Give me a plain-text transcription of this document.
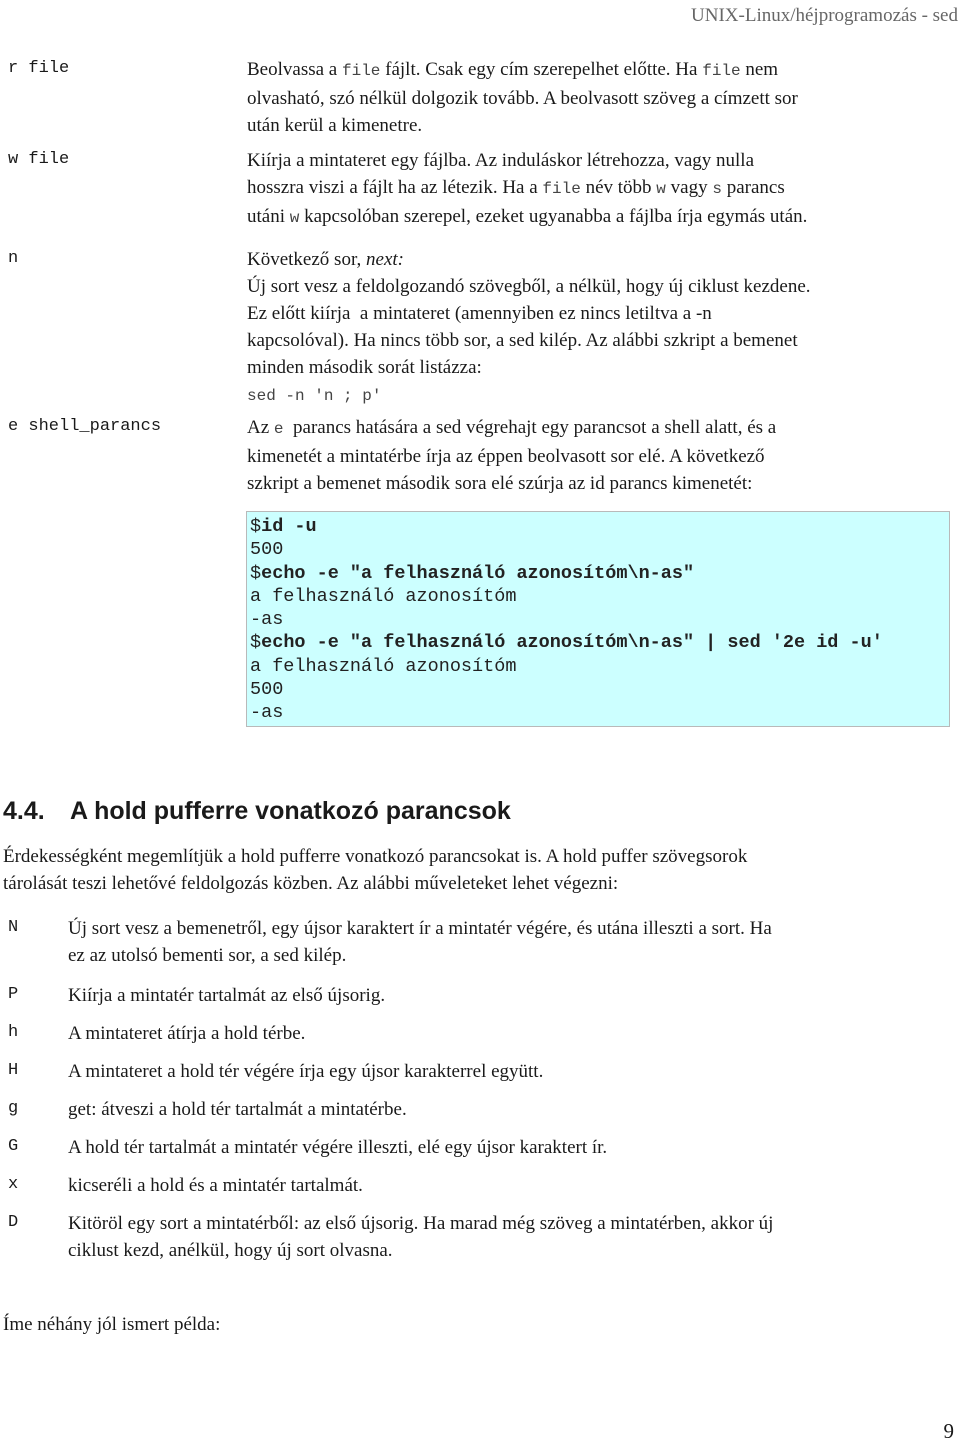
UNIX-Linux/héjprogramozás - sed
r file	Beolvassa a file fájlt. Csak egy cím szerepelhet előtte. Ha file nem

olvasható, szó nélkül dolgozik tovább. A beolvasott szöveg a címzett sor

után kerül a kimenetre.

w file	Kiírja a mintateret egy fájlba. Az induláskor létrehozza, vagy nulla

hosszra viszi a fájlt ha az létezik. Ha a file név több w vagy s parancs

utáni w kapcsolóban szerepel, ezeket ugyanabba a fájlba írja egymás után.

n	Következő sor, next:

Új sort vesz a feldolgozandó szövegből, a nélkül, hogy új ciklust kezdene.

Ez előtt kiírja  a mintateret (amennyiben ez nincs letiltva a -n

kapcsolóval). Ha nincs több sor, a sed kilép. Az alábbi szkript a bemenet

minden második sorát listázza:

sed -n 'n ; p'

e shell_parancs	Az e  parancs hatására a sed végrehajt egy parancsot a shell alatt, és a

kimenetét a mintatérbe írja az éppen beolvasott sor elé. A következő

szkript a bemenet második sora elé szúrja az id parancs kimenetét:

$id -u
500
$echo -e "a felhasználó azonosítóm\n-as"
a felhasználó azonosítóm
-as
$echo -e "a felhasználó azonosítóm\n-as" | sed '2e id -u'
a felhasználó azonosítóm
500
-as
4.4. A hold pufferre vonatkozó parancsok
Érdekességként megemlítjük a hold pufferre vonatkozó parancsokat is. A hold puffer szövegsorok
tárolását teszi lehetővé feldolgozás közben. Az alábbi műveleteket lehet végezni:
N	Új sort vesz a bemenetről, egy újsor karaktert ír a mintatér végére, és utána illeszti a sort. Ha
ez az utolsó bementi sor, a sed kilép.
P	Kiírja a mintatér tartalmát az első újsorig.
h	A mintateret átírja a hold térbe.
H	A mintateret a hold tér végére írja egy újsor karakterrel együtt.
g	get: átveszi a hold tér tartalmát a mintatérbe.
G	A hold tér tartalmát a mintatér végére illeszti, elé egy újsor karaktert ír.
x	kicseréli a hold és a mintatér tartalmát.
D	Kitöröl egy sort a mintatérből: az első újsorig. Ha marad még szöveg a mintatérben, akkor új
ciklust kezd, anélkül, hogy új sort olvasna.
Íme néhány jól ismert példa:
9
